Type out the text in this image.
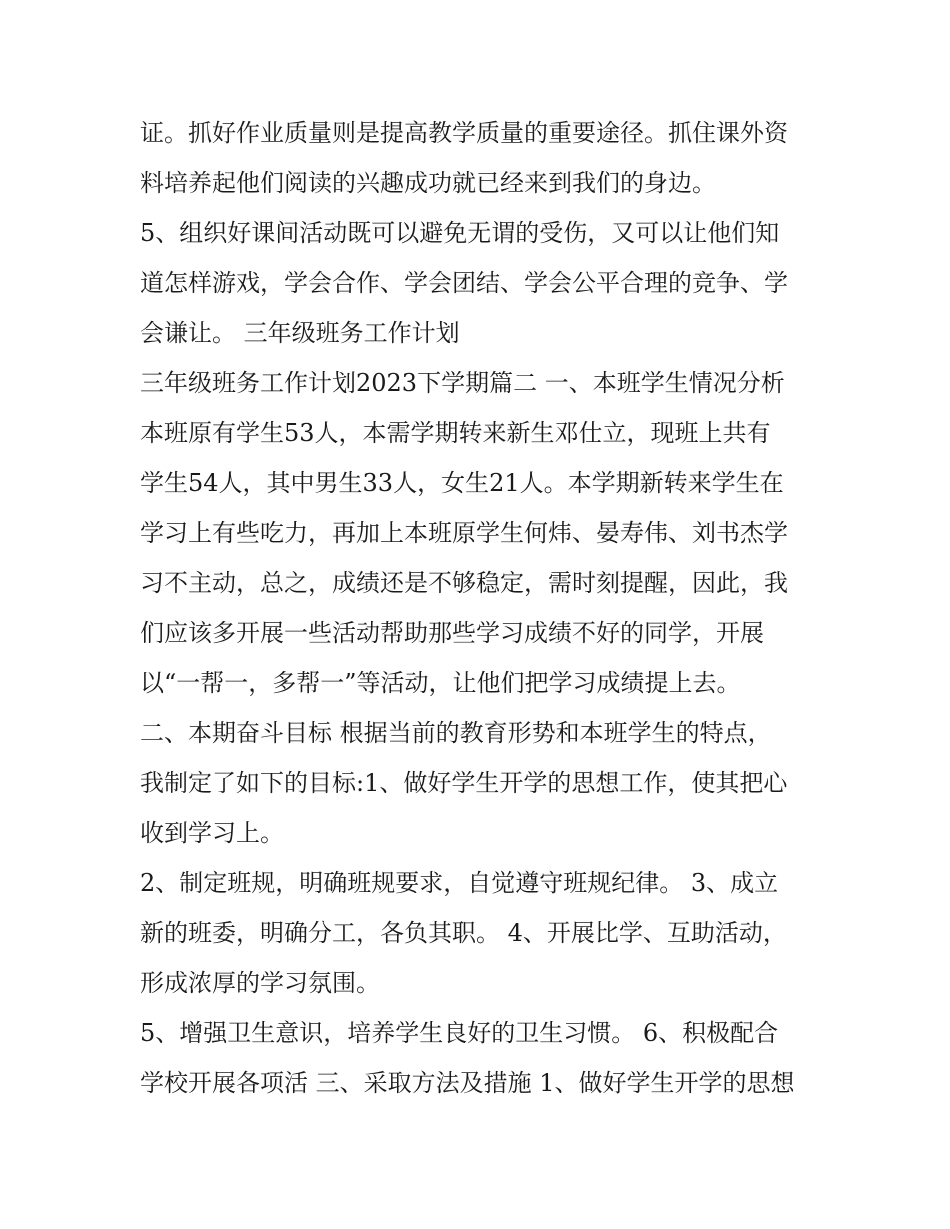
证。抓好作业质量则是提高教学质量的重要途径。抓住课外资
料培养起他们阅读的兴趣成功就已经来到我们的身边。
5、组织好课间活动既可以避免无谓的受伤，又可以让他们知
道怎样游戏，学会合作、学会团结、学会公平合理的竞争、学
会谦让。 三年级班务工作计划
三年级班务工作计划2023下学期篇二 一、本班学生情况分析
本班原有学生53人，本需学期转来新生邓仕立，现班上共有
学生54人，其中男生33人，女生21人。本学期新转来学生在
学习上有些吃力，再加上本班原学生何炜、晏寿伟、刘书杰学
习不主动，总之，成绩还是不够稳定，需时刻提醒，因此，我
们应该多开展一些活动帮助那些学习成绩不好的同学，开展
以“一帮一，多帮一”等活动，让他们把学习成绩提上去。
二、本期奋斗目标 根据当前的教育形势和本班学生的特点，
我制定了如下的目标:1、做好学生开学的思想工作，使其把心
收到学习上。
2、制定班规，明确班规要求，自觉遵守班规纪律。 3、成立
新的班委，明确分工，各负其职。 4、开展比学、互助活动，
形成浓厚的学习氛围。
5、增强卫生意识，培养学生良好的卫生习惯。 6、积极配合
学校开展各项活 三、采取方法及措施 1、做好学生开学的思想
